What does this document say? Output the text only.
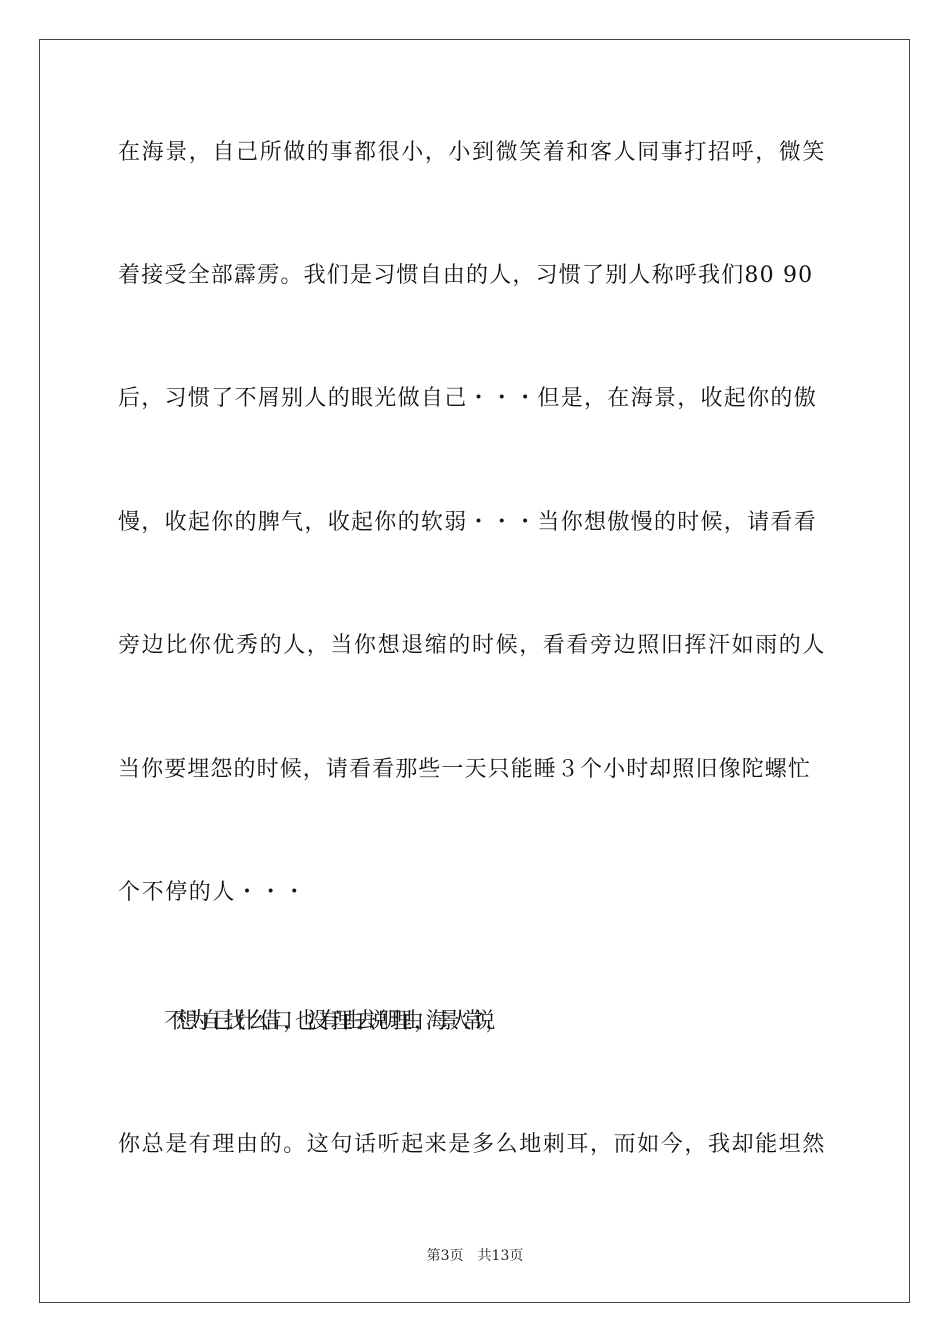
在海景，自己所做的事都很小，小到微笑着和客人同事打招呼，微笑
着接受全部霹雳。我们是习惯自由的人，习惯了别人称呼我们80 90
后，习惯了不屑别人的眼光做自己・・・但是，在海景，收起你的傲
慢，收起你的脾气，收起你的软弱・・・当你想傲慢的时候，请看看
旁边比你优秀的人，当你想退缩的时候，看看旁边照旧挥汗如雨的人
当你要埋怨的时候，请看看那些一天只能睡３个小时却照旧像陀螺忙
个不停的人・・・
不想为自己找什么借口，也没有理由去说明理由，海景人常说，
你总是有理由的。这句话听起来是多么地刺耳，而如今，我却能坦然
第3页 共13页
